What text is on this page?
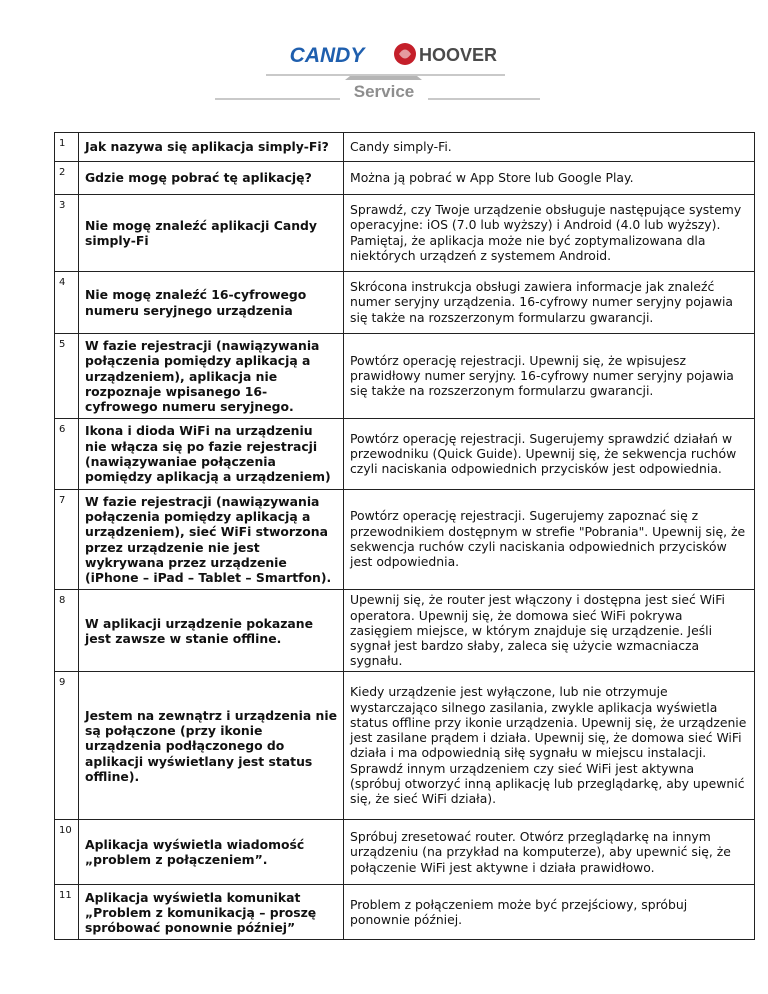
CANDY	HOOVER
Service
1	Jak nazywa się aplikacja simply-Fi?	Candy simply-Fi.
2	Gdzie mogę pobrać tę aplikację?	Można ją pobrać w App Store lub Google Play.
3	Nie mogę znaleźć aplikacji Candy simply-Fi	Sprawdź, czy Twoje urządzenie obsługuje następujące systemy operacyjne: iOS (7.0 lub wyższy) i Android (4.0 lub wyższy). Pamiętaj, że aplikacja może nie być zoptymalizowana dla niektórych urządzeń z systemem Android.
4	Nie mogę znaleźć 16-cyfrowego numeru seryjnego urządzenia	Skrócona instrukcja obsługi zawiera informacje jak znaleźć numer seryjny urządzenia. 16-cyfrowy numer seryjny pojawia się także na rozszerzonym formularzu gwarancji.
5	W fazie rejestracji (nawiązywania połączenia pomiędzy aplikacją a urządzeniem), aplikacja nie rozpoznaje wpisanego 16-cyfrowego numeru seryjnego.	Powtórz operację rejestracji. Upewnij się, że wpisujesz prawidłowy numer seryjny. 16-cyfrowy numer seryjny pojawia się także na rozszerzonym formularzu gwarancji.
6	Ikona i dioda WiFi na urządzeniu nie włącza się po fazie rejestracji (nawiązywaniae połączenia pomiędzy aplikacją a urządzeniem)	Powtórz operację rejestracji. Sugerujemy sprawdzić działań w przewodniku (Quick Guide). Upewnij się, że sekwencja ruchów czyli naciskania odpowiednich przycisków jest odpowiednia.
7	W fazie rejestracji (nawiązywania połączenia pomiędzy aplikacją a urządzeniem), sieć WiFi stworzona przez urządzenie nie jest wykrywana przez urządzenie (iPhone – iPad – Tablet – Smartfon).	Powtórz operację rejestracji. Sugerujemy zapoznać się z przewodnikiem dostępnym w strefie "Pobrania". Upewnij się, że sekwencja ruchów czyli naciskania odpowiednich przycisków jest odpowiednia.
8	W aplikacji urządzenie pokazane jest zawsze w stanie offline.	Upewnij się, że router jest włączony i dostępna jest sieć WiFi operatora. Upewnij się, że domowa sieć WiFi pokrywa zasięgiem miejsce, w którym znajduje się urządzenie. Jeśli sygnał jest bardzo słaby, zaleca się użycie wzmacniacza sygnału.
9	Jestem na zewnątrz i urządzenia nie są połączone (przy ikonie urządzenia podłączonego do aplikacji wyświetlany jest status offline).	Kiedy urządzenie jest wyłączone, lub nie otrzymuje wystarczająco silnego zasilania, zwykle aplikacja wyświetla status offline przy ikonie urządzenia. Upewnij się, że urządzenie jest zasilane prądem i działa. Upewnij się, że domowa sieć WiFi działa i ma odpowiednią siłę sygnału w miejscu instalacji. Sprawdź innym urządzeniem czy sieć WiFi jest aktywna (spróbuj otworzyć inną aplikację lub przeglądarkę, aby upewnić się, że sieć WiFi działa).
10	Aplikacja wyświetla wiadomość „problem z połączeniem”.	Spróbuj zresetować router. Otwórz przeglądarkę na innym urządzeniu (na przykład na komputerze), aby upewnić się, że połączenie WiFi jest aktywne i działa prawidłowo.
11	Aplikacja wyświetla komunikat „Problem z komunikacją – proszę spróbować ponownie później”	Problem z połączeniem może być przejściowy, spróbuj ponownie później.
